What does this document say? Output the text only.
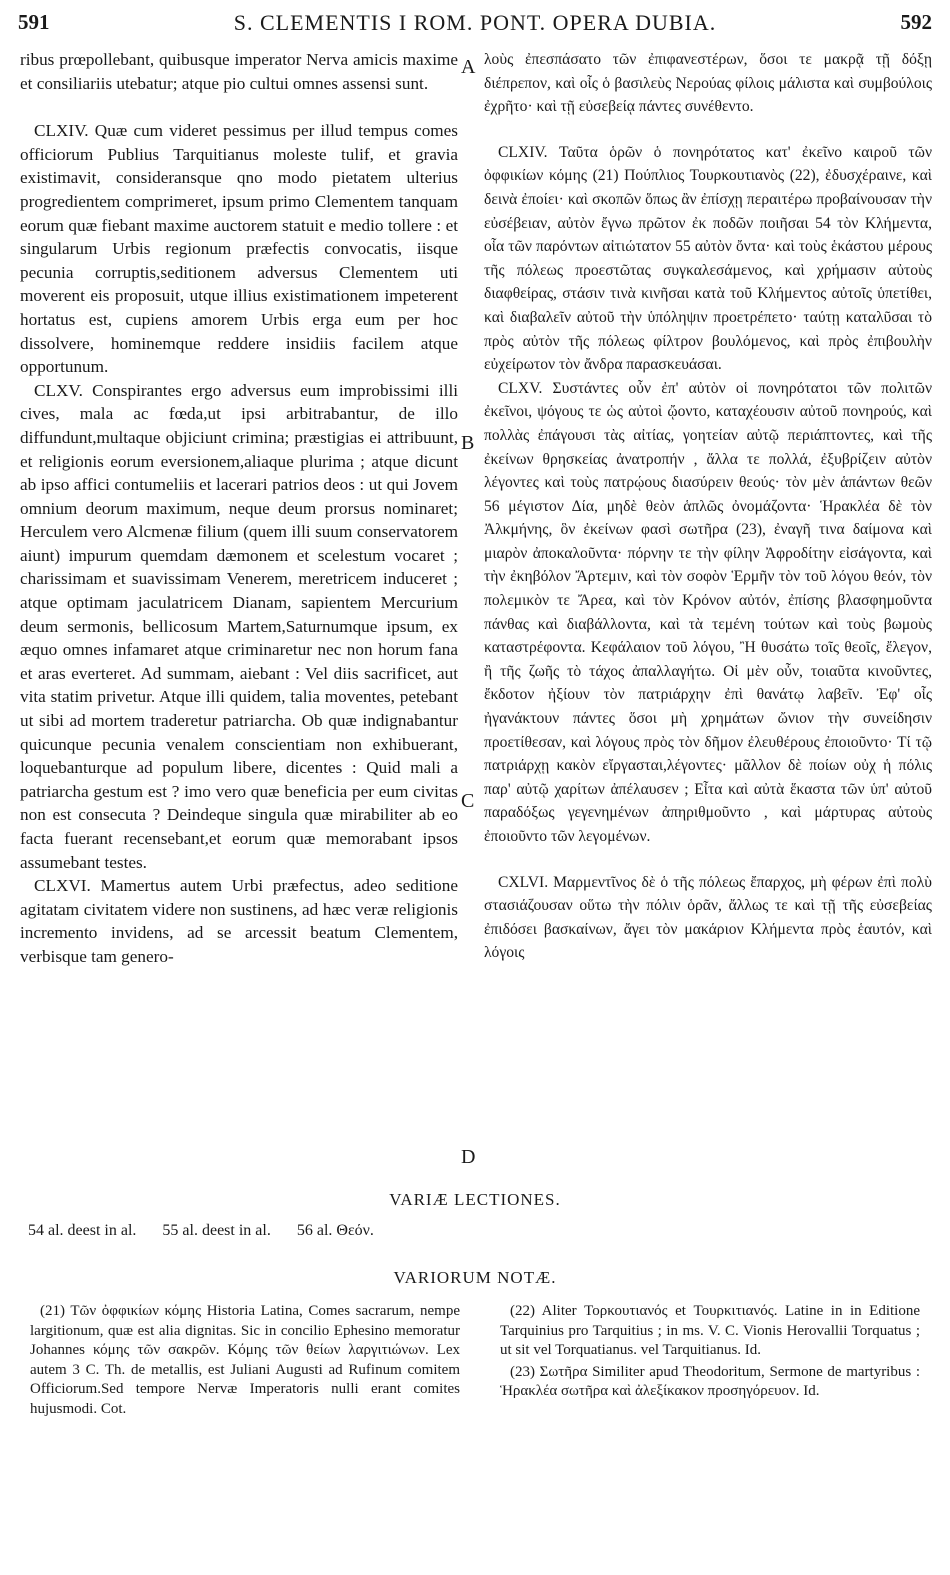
591	S. CLEMENTIS I ROM. PONT. OPERA DUBIA.	592

ribus prœpollebant, quibusque imperator Nerva amicis maxime et consiliariis utebatur; atque pio cultui omnes assensi sunt.

CLXIV. Quæ cum videret pessimus per illud tempus comes officiorum Publius Tarquitianus moleste tulif, et gravia existimavit, consideransque qno modo pietatem ulterius progredientem comprimeret, ipsum primo Clementem tanquam eorum quæ fiebant maxime auctorem statuit e medio tollere : et singularum Urbis regionum præfectis convocatis, iisque pecunia corruptis,seditionem adversus Clementem uti moverent eis proposuit, utque illius existimationem impeterent hortatus est, cupiens amorem Urbis erga eum per hoc dissolvere, hominemque reddere insidiis facilem atque opportunum.

CLXV. Conspirantes ergo adversus eum improbissimi illi cives, mala ac fœda,ut ipsi arbitrabantur, de illo diffundunt,multaque objiciunt crimina; præstigias ei attribuunt, et religionis eorum eversionem,aliaque plurima ; atque dicunt ab ipso affici contumeliis et lacerari patrios deos : ut qui Jovem omnium deorum maximum, neque deum prorsus nominaret; Herculem vero Alcmenæ filium (quem illi suum conservatorem aiunt) impurum quemdam dæmonem et scelestum vocaret ; charissimam et suavissimam Venerem, meretricem induceret ; atque optimam jaculatricem Dianam, sapientem Mercurium deum sermonis, bellicosum Martem,Saturnumque ipsum, ex æquo omnes infamaret atque criminaretur nec non horum fana et aras everteret. Ad summam, aiebant : Vel diis sacrificet, aut vita statim privetur. Atque illi quidem, talia moventes, petebant ut sibi ad mortem traderetur patriarcha. Ob quæ indignabantur quicunque pecunia venalem conscientiam non exhibuerant, loquebanturque ad populum libere, dicentes : Quid mali a patriarcha gestum est ? imo vero quæ beneficia per eum civitas non est consecuta ? Deindeque singula quæ mirabiliter ab eo facta fuerant recensebant,et eorum quæ memorabant ipsos assumebant testes.

CLXVI. Mamertus autem Urbi præfectus, adeo seditione agitatam civitatem videre non sustinens, ad hæc veræ religionis incremento invidens, ad se arcessit beatum Clementem, verbisque tam genero-

A
B
C
D

λοὺς ἐπεσπάσατο τῶν ἐπιφανεστέρων, ὅσοι τε μακρᾷ τῇ δόξῃ διέπρεπον, καὶ οἷς ὁ βασιλεὺς Νερούας φίλοις μάλιστα καὶ συμβούλοις ἐχρῆτο· καὶ τῇ εὐσεβείᾳ πάντες συνέθεντο.

CLXIV. Ταῦτα ὁρῶν ὁ πονηρότατος κατ' ἐκεῖνο καιροῦ τῶν ὀφφικίων κόμης (21) Πούπλιος Τουρκουτιανὸς (22), ἐδυσχέραινε, καὶ δεινὰ ἐποίει· καὶ σκοπῶν ὅπως ἂν ἐπίσχῃ περαιτέρω προβαίνουσαν τὴν εὐσέβειαν, αὐτὸν ἔγνω πρῶτον ἐκ ποδῶν ποιῆσαι 54 τὸν Κλήμεντα, οἷα τῶν παρόντων αἰτιώτατον 55 αὐτὸν ὄντα· καὶ τοὺς ἑκάστου μέρους τῆς πόλεως προεστῶτας συγκαλεσάμενος, καὶ χρήμασιν αὐτοὺς διαφθείρας, στάσιν τινὰ κινῆσαι κατὰ τοῦ Κλήμεντος αὐτοῖς ὑπετίθει, καὶ διαβαλεῖν αὐτοῦ τὴν ὑπόληψιν προετρέπετο· ταύτῃ καταλῦσαι τὸ πρὸς αὐτὸν τῆς πόλεως φίλτρον βουλόμενος, καὶ πρὸς ἐπιβουλὴν εὐχείρωτον τὸν ἄνδρα παρασκευάσαι.

CLXV. Συστάντες οὖν ἐπ' αὐτὸν οἱ πονηρότατοι τῶν πολιτῶν ἐκεῖνοι, ψόγους τε ὡς αὐτοὶ ᾤοντο, καταχέουσιν αὐτοῦ πονηρούς, καὶ πολλὰς ἐπάγουσι τὰς αἰτίας, γοητείαν αὐτῷ περιάπτοντες, καὶ τῆς ἐκείνων θρησκείας ἀνατροπήν , ἄλλα τε πολλά, ἐξυβρίζειν αὐτὸν λέγοντες καὶ τοὺς πατρῴους διασύρειν θεούς· τὸν μὲν ἁπάντων θεῶν 56 μέγιστον Δία, μηδὲ θεὸν ἁπλῶς ὀνομάζοντα· Ἡρακλέα δὲ τὸν Ἀλκμήνης, ὃν ἐκείνων φασὶ σωτῆρα (23), ἐναγῆ τινα δαίμονα καὶ μιαρὸν ἀποκαλοῦντα· πόρνην τε τὴν φίλην Ἀφροδίτην εἰσάγοντα, καὶ τὴν ἐκηβόλον Ἄρτεμιν, καὶ τὸν σοφὸν Ἑρμῆν τὸν τοῦ λόγου θεόν, τὸν πολεμικὸν τε Ἄρεα, καὶ τὸν Κρόνον αὐτόν, ἐπίσης βλασφημοῦντα πάνθας καὶ διαβάλλοντα, καὶ τὰ τεμένη τούτων καὶ τοὺς βωμοὺς καταστρέφοντα. Κεφάλαιον τοῦ λόγου, Ἢ θυσάτω τοῖς θεοῖς, ἔλεγον, ἢ τῆς ζωῆς τὸ τάχος ἀπαλλαγήτω. Οἱ μὲν οὖν, τοιαῦτα κινοῦντες, ἔκδοτον ἠξίουν τὸν πατριάρχην ἐπὶ θανάτῳ λαβεῖν. Ἐφ' οἷς ἠγανάκτουν πάντες ὅσοι μὴ χρημάτων ὤνιον τὴν συνείδησιν προετίθεσαν, καὶ λόγους πρὸς τὸν δῆμον ἐλευθέρους ἐποιοῦντο· Τί τῷ πατριάρχῃ κακὸν εἴργασται,λέγοντες· μᾶλλον δὲ ποίων οὐχ ἡ πόλις παρ' αὐτῷ χαρίτων ἀπέλαυσεν ; Εἶτα καὶ αὐτὰ ἕκαστα τῶν ὑπ' αὐτοῦ παραδόξως γεγενημένων ἀπηριθμοῦντο , καὶ μάρτυρας αὐτοὺς ἐποιοῦντο τῶν λεγομένων.

CXLVI. Μαρμεντῖνος δὲ ὁ τῆς πόλεως ἔπαρχος, μὴ φέρων ἐπὶ πολὺ στασιάζουσαν οὕτω τὴν πόλιν ὁρᾶν, ἄλλως τε καὶ τῇ τῆς εὐσεβείας ἐπιδόσει βασκαίνων, ἄγει τὸν μακάριον Κλήμεντα πρὸς ἑαυτόν, καὶ λόγοις

VARIÆ LECTIONES.
54 al. deest in al. 55 al. deest in al. 56 al. Θεόν.
VARIORUM NOTÆ.

(21) Τῶν ὀφφικίων κόμης Historia Latina, Comes sacrarum, nempe largitionum, quæ est alia dignitas. Sic in concilio Ephesino memoratur Johannes κόμης τῶν σακρῶν. Κόμης τῶν θείων λαργιτιώνων. Lex autem 3 C. Th. de metallis, est Juliani Augusti ad Rufinum comitem Officiorum.Sed tempore Nervæ Imperatoris nulli erant comites hujusmodi. Cot.

(22) Aliter Τορκουτιανός et Τουρκιτιανός. Latine in in Editione Tarquinius pro Tarquitius ; in ms. V. C. Vionis Herovallii Torquatus ; ut sit vel Torquatianus. vel Tarquitianus. Id.

(23) Σωτῆρα Similiter apud Theodoritum, Sermone de martyribus : Ἡρακλέα σωτῆρα καὶ ἀλεξίκακον προσηγόρευον. Id.
